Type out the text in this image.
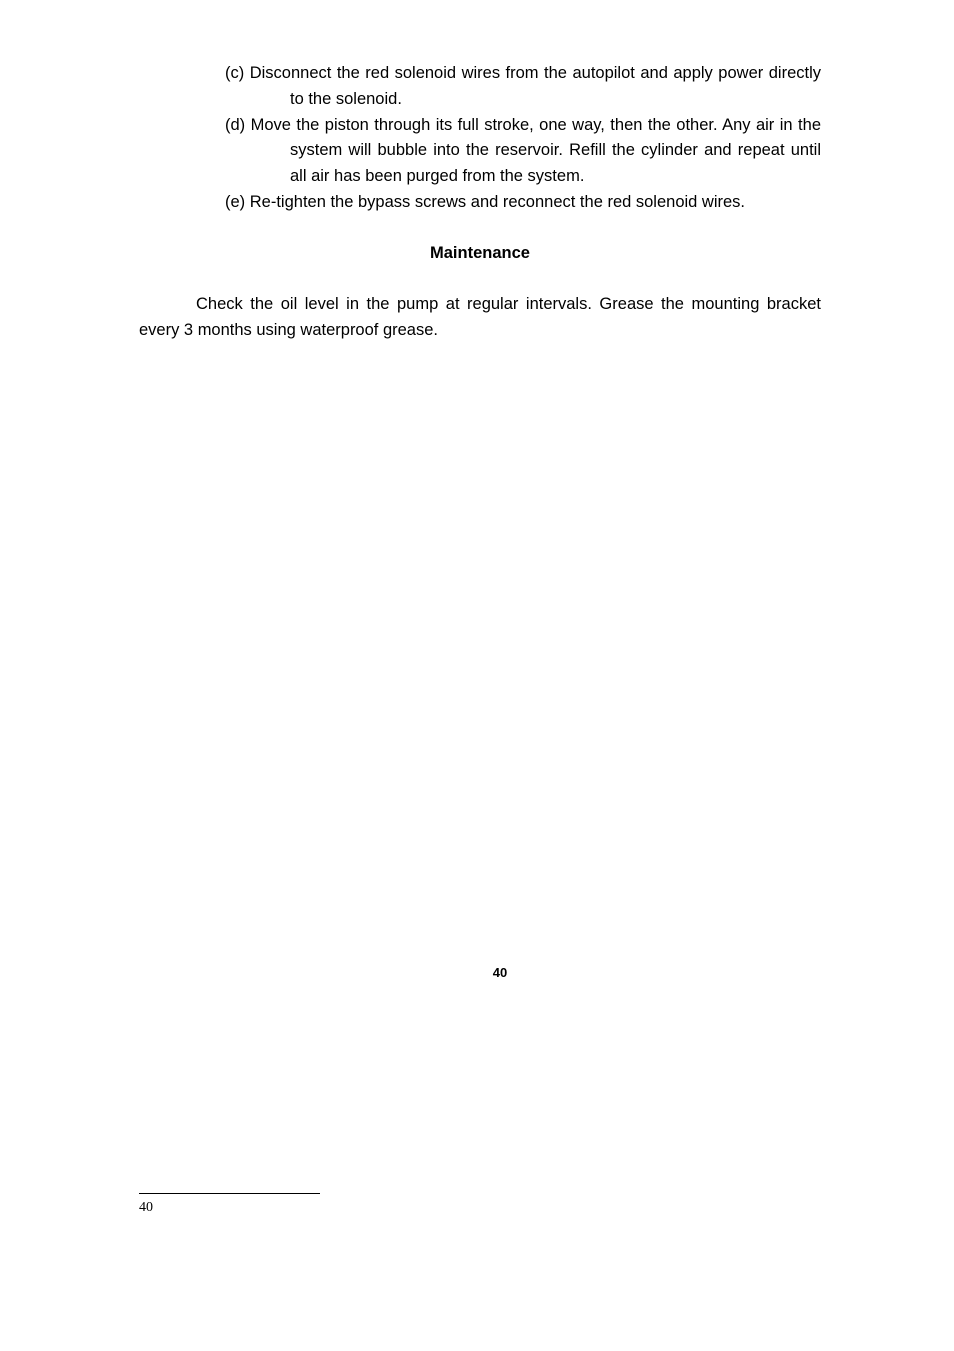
(c) Disconnect the red solenoid wires from the autopilot and apply power directly to the solenoid.
(d) Move the piston through its full stroke, one way, then the other. Any air in the system will bubble into the reservoir. Refill the cylinder and repeat until all air has been purged from the system.
(e) Re-tighten the bypass screws and reconnect the red solenoid wires.
Maintenance

Check the oil level in the pump at regular intervals. Grease the mounting bracket every 3 months using waterproof grease.

40
40
